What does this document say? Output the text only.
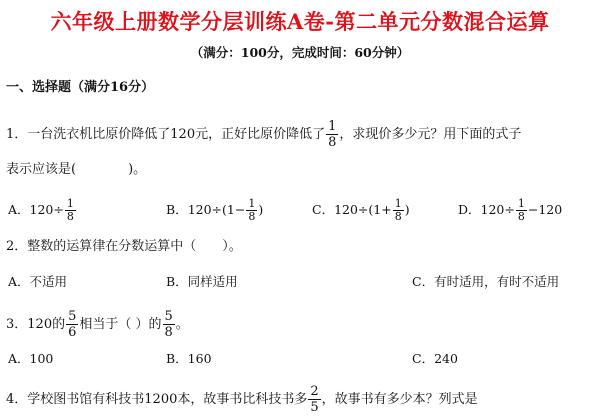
六年级上册数学分层训练A卷-第二单元分数混合运算
（满分：100分，完成时间：60分钟）
一、选择题（满分16分）
1．一台洗衣机比原价降低了120元，正好比原价降低了 $\frac{1}{8}$ ，求现价多少元？用下面的式子
表示应该是(　　　　)。
A．$120\div \frac{1}{8}$	B．$120\div(1- \frac{1}{8}$ )	C．$120\div(1+ \frac{1}{8}$ )	D．$120\div \frac{1}{8} -120$
2．整数的运算律在分数运算中（　　）。
A．不适用	B．同样适用	C．有时适用，有时不适用
3．120的 $\frac{5}{6}$ 相当于（ ）的 $\frac{5}{8}$ 。
A．100	B．160	C．240
4．学校图书馆有科技书1200本，故事书比科技书多 $\frac{2}{5}$ ，故事书有多少本？列式是
